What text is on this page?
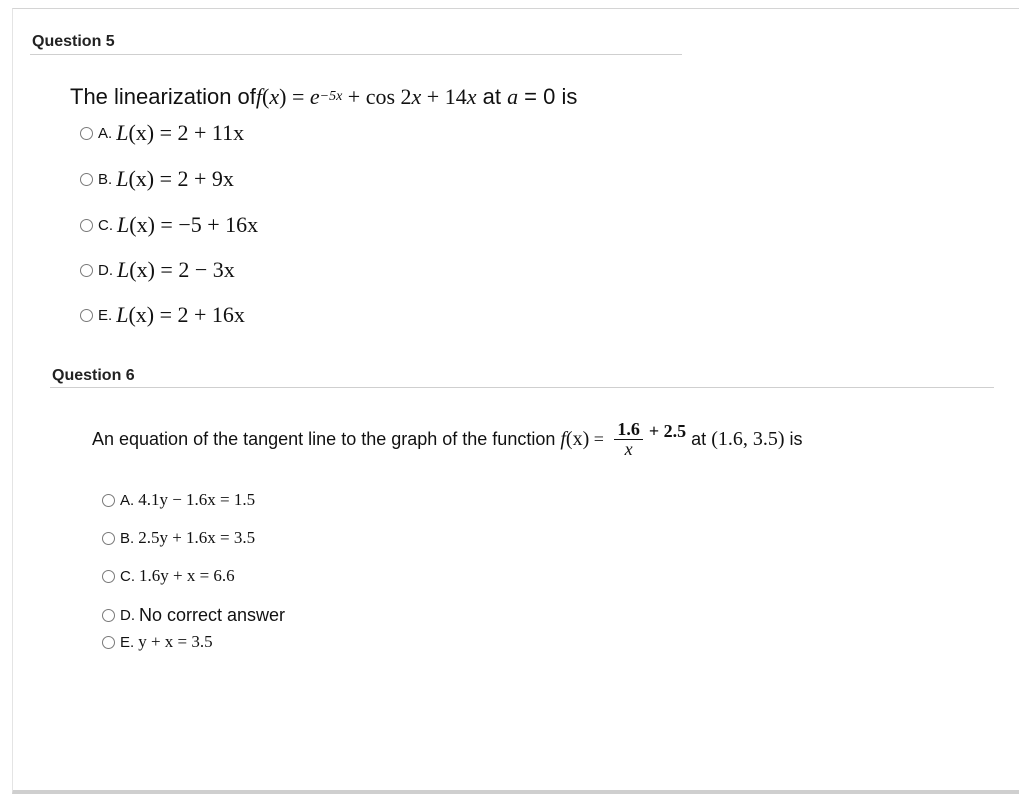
Question 5
The linearization of f ( x ) = e −5x + cos 2 x + 14 x at a = 0 is
A. L(x) = 2 + 11x
B. L(x) = 2 + 9x
C. L(x) = −5 + 16x
D. L(x) = 2 − 3x
E. L(x) = 2 + 16x
Question 6
An equation of the tangent line to the graph of the function f $(x) = \frac{1.6}{x} + 2.5$ at (1.6, 3.5) is
A. 4.1y − 1.6x = 1.5
B. 2.5y + 1.6x = 3.5
C. 1.6y + x = 6.6
D. No correct answer
E. y + x = 3.5
